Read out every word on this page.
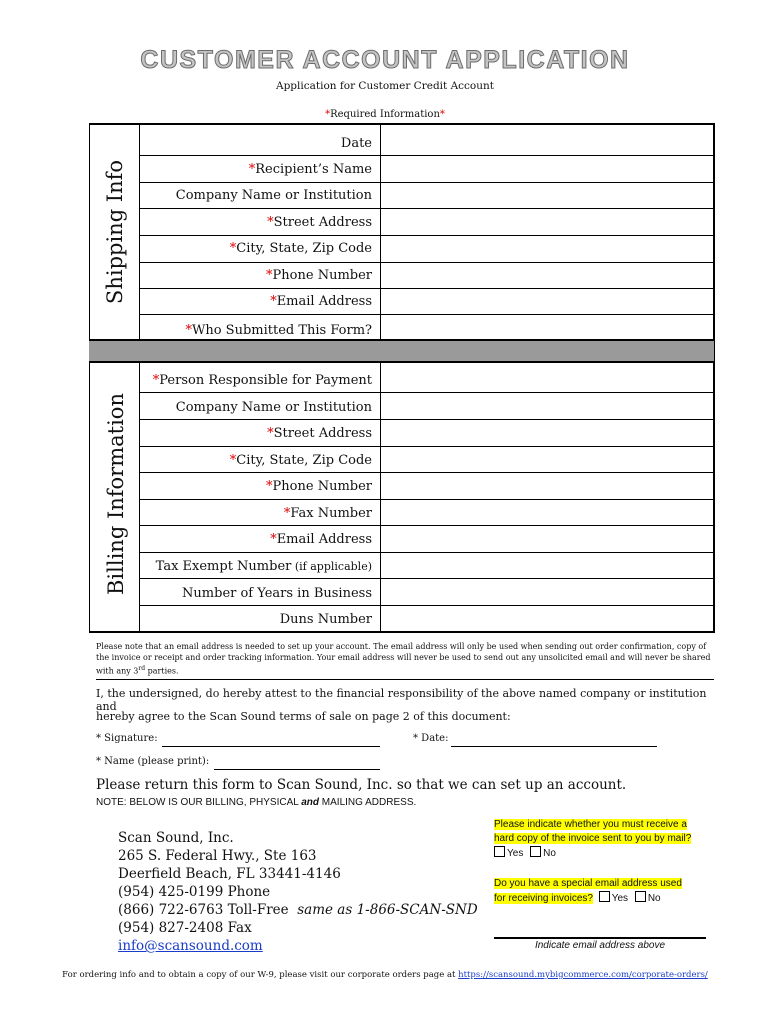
CUSTOMER ACCOUNT APPLICATION
Application for Customer Credit Account
*Required Information*
Shipping Info
Billing Information
Date
*Recipient’s Name
Company Name or Institution
*Street Address
*City, State, Zip Code
*Phone Number
*Email Address
*Who Submitted This Form?
*Person Responsible for Payment
Company Name or Institution
*Street Address
*City, State, Zip Code
*Phone Number
*Fax Number
*Email Address
Tax Exempt Number (if applicable)
Number of Years in Business
Duns Number
Please note that an email address is needed to set up your account. The email address will only be used when sending out order confirmation, copy of the invoice or receipt and order tracking information. Your email address will never be used to send out any unsolicited email and will never be shared with any 3rd parties.
I, the undersigned, do hereby attest to the financial responsibility of the above named company or institution and
hereby agree to the Scan Sound terms of sale on page 2 of this document:
* Signature:	* Date:
* Name (please print):
Please return this form to Scan Sound, Inc. so that we can set up an account.
NOTE: BELOW IS OUR BILLING, PHYSICAL and MAILING ADDRESS.
Scan Sound, Inc.
265 S. Federal Hwy., Ste 163
Deerfield Beach, FL 33441-4146
(954) 425-0199 Phone
(866) 722-6763 Toll-Free same as 1-866-SCAN-SND
(954) 827-2408 Fax
info@scansound.com
Please indicate whether you must receive a
hard copy of the invoice sent to you by mail?
Yes No
Do you have a special email address used
for receiving invoices? Yes No
Indicate email address above
For ordering info and to obtain a copy of our W-9, please visit our corporate orders page at https://scansound.mybigcommerce.com/corporate-orders/
